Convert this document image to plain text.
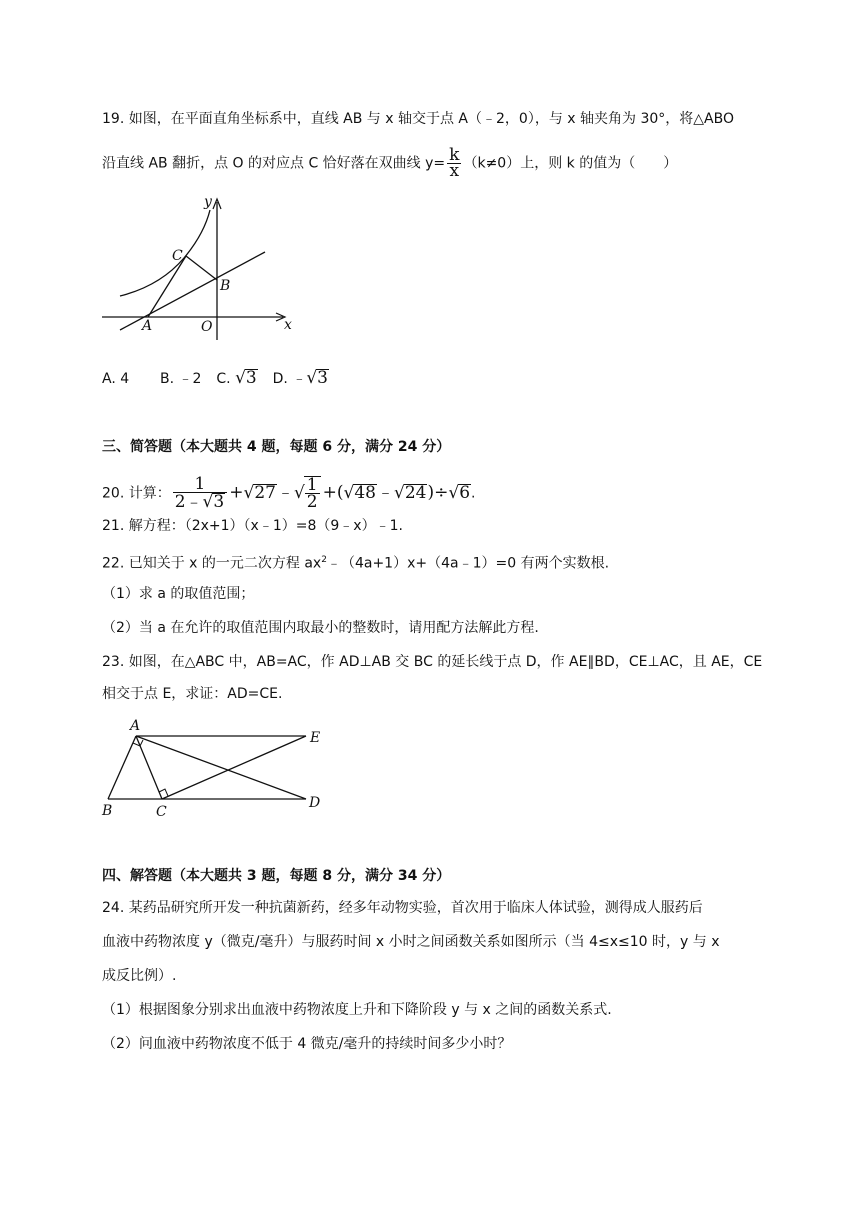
19. 如图，在平面直角坐标系中，直线 AB 与 x 轴交于点 A（﹣2，0），与 x 轴夹角为 30°，将△ABO
沿直线 AB 翻折，点 O 的对应点 C 恰好落在双曲线 $y= \frac{k}{x} (k\ne 0)$上，则 k 的值为（　　）
y
x
C
B
A	O
A. 4 B. ﹣2 C. √3 D. ﹣√3
三、简答题（本大题共 4 题，每题 6 分，满分 24 分）
20. 计算： $\frac{1}{2﹣√3}$ +√27﹣√ $\frac{1}{2}$ +(√48﹣√24)÷√6.
21. 解方程：（2x+1）（x﹣1）=8（9﹣x）﹣1.
22. 已知关于 x 的一元二次方程 $ax^2﹣(4a+1)x+(4a﹣1)=0$ 有两个实数根.
（1）求 a 的取值范围；
（2）当 a 在允许的取值范围内取最小的整数时，请用配方法解此方程.
23. 如图，在△ABC 中，AB=AC，作 AD⊥AB 交 BC 的延长线于点 D，作 AE∥BD，CE⊥AC，且 AE，CE
相交于点 E，求证：AD=CE.
A
E
B	C
D
四、解答题（本大题共 3 题，每题 8 分，满分 34 分）
24. 某药品研究所开发一种抗菌新药，经多年动物实验，首次用于临床人体试验，测得成人服药后
血液中药物浓度 y（微克/毫升）与服药时间 x 小时之间函数关系如图所示（当 4≤x≤10 时，y 与 x
成反比例）.
（1）根据图象分别求出血液中药物浓度上升和下降阶段 y 与 x 之间的函数关系式.
（2）问血液中药物浓度不低于 4 微克/毫升的持续时间多少小时？
